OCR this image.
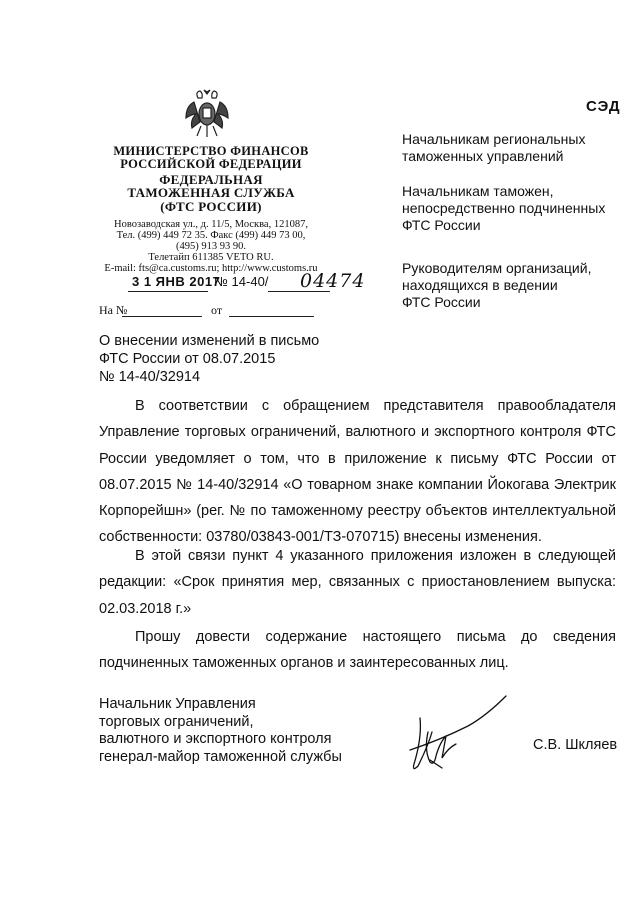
МИНИСТЕРСТВО ФИНАНСОВ
РОССИЙСКОЙ ФЕДЕРАЦИИ
ФЕДЕРАЛЬНАЯ
ТАМОЖЕННАЯ СЛУЖБА
(ФТС РОССИИ)
Новозаводская ул., д. 11/5, Москва, 121087,
Тел. (499) 449 72 35. Факс (499) 449 73 00,
(495) 913 93 90.
Телетайп 611385 VETO RU.
E-mail: fts@ca.customs.ru; http://www.customs.ru
3 1 ЯНВ 2017
№ 14-40/ 04474
На №	от
СЭД
Начальникам региональных
таможенных управлений
Начальникам таможен,
непосредственно подчиненных
ФТС России
Руководителям организаций,
находящихся в ведении
ФТС России
О внесении изменений в письмо
ФТС России от 08.07.2015
№ 14-40/32914
В соответствии с обращением представителя правообладателя Управление торговых ограничений, валютного и экспортного контроля ФТС России уведомляет о том, что в приложение к письму ФТС России от 08.07.2015 № 14-40/32914 «О товарном знаке компании Йокогава Электрик Корпорейшн» (рег. № по таможенному реестру объектов интеллектуальной собственности: 03780/03843-001/ТЗ-070715) внесены изменения.
В этой связи пункт 4 указанного приложения изложен в следующей редакции: «Срок принятия мер, связанных с приостановлением выпуска: 02.03.2018 г.»
Прошу довести содержание настоящего письма до сведения подчиненных таможенных органов и заинтересованных лиц.
Начальник Управления
торговых ограничений,
валютного и экспортного контроля
генерал-майор таможенной службы
С.В. Шкляев
